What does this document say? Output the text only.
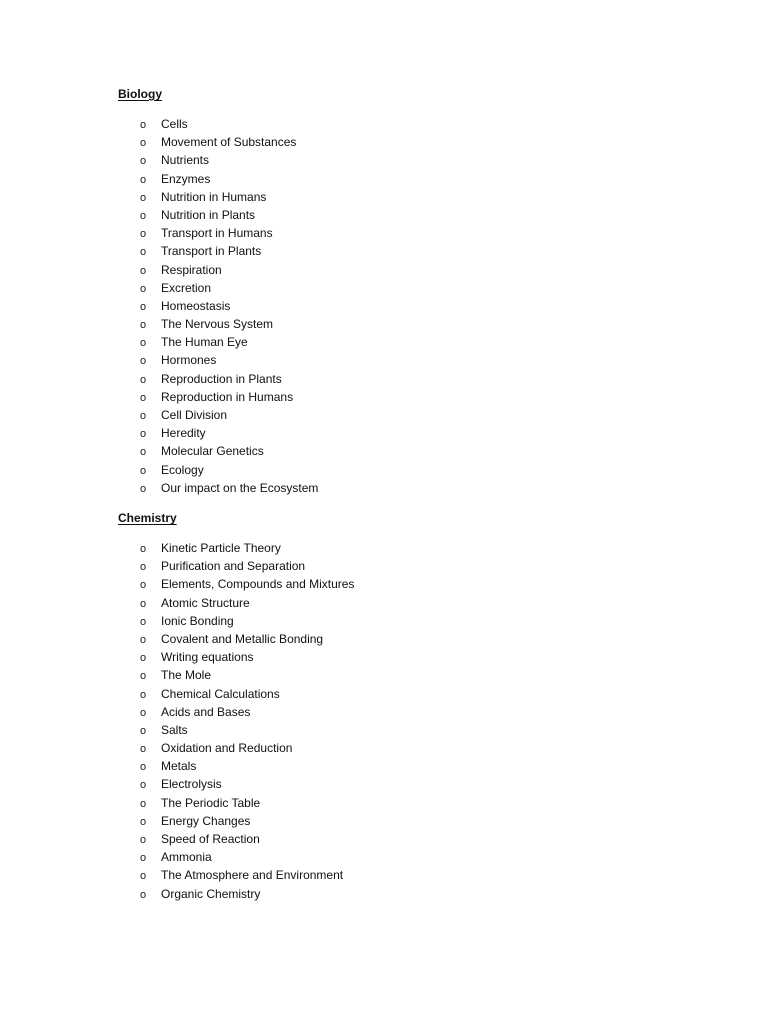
Biology
o Cells
o Movement of Substances
o Nutrients
o Enzymes
o Nutrition in Humans
o Nutrition in Plants
o Transport in Humans
o Transport in Plants
o Respiration
o Excretion
o Homeostasis
o The Nervous System
o The Human Eye
o Hormones
o Reproduction in Plants
o Reproduction in Humans
o Cell Division
o Heredity
o Molecular Genetics
o Ecology
o Our impact on the Ecosystem
Chemistry
o Kinetic Particle Theory
o Purification and Separation
o Elements, Compounds and Mixtures
o Atomic Structure
o Ionic Bonding
o Covalent and Metallic Bonding
o Writing equations
o The Mole
o Chemical Calculations
o Acids and Bases
o Salts
o Oxidation and Reduction
o Metals
o Electrolysis
o The Periodic Table
o Energy Changes
o Speed of Reaction
o Ammonia
o The Atmosphere and Environment
o Organic Chemistry
